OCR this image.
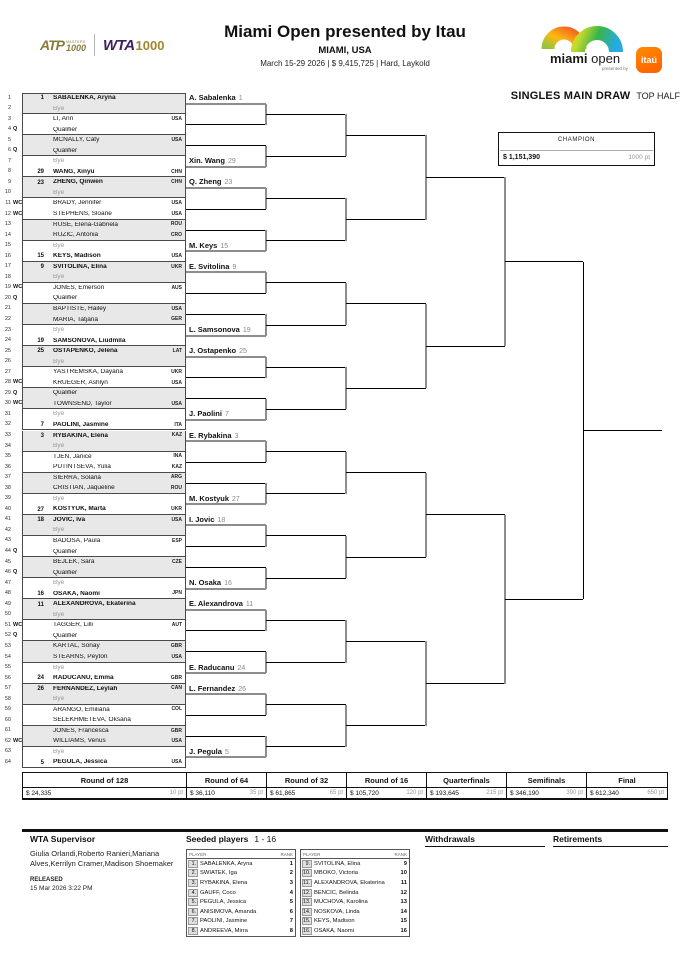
ATP MASTERS
1000 WTA 1000
Miami Open presented by Itau
MIAMI, USA
March 15-29 2026 | $ 9,415,725 | Hard, Laykold	miami open
presented by
itaú
SINGLES MAIN DRAW TOP HALF
CHAMPION
$ 1,151,390	1000 pt
1	1	SABALENKA, Aryna
2	Bye
3	LI, Ann	USA
4 Q	Qualifier
5	MCNALLY, Caty	USA
6 Q	Qualifier
7	Bye
8	29	WANG, Xinyu	CHN
9	23	ZHENG, Qinwen	CHN
10	Bye
11 WC	BRADY, Jennifer	USA
12 WC	STEPHENS, Sloane	USA
13	RUSE, Elena-Gabriela	ROU
14	RUZIC, Antonia	CRO
15	Bye
16	15	KEYS, Madison	USA
17	9	SVITOLINA, Elina	UKR
18	Bye
19 WC	JONES, Emerson	AUS
20 Q	Qualifier
21	BAPTISTE, Hailey	USA
22	MARIA, Tatjana	GER
23	Bye
24	19	SAMSONOVA, Liudmila
25	25	OSTAPENKO, Jelena	LAT
26	Bye
27	YASTREMSKA, Dayana	UKR
28 WC	KRUEGER, Ashlyn	USA
29 Q	Qualifier
30 WC	TOWNSEND, Taylor	USA
31	Bye
32	7	PAOLINI, Jasmine	ITA
33	3	RYBAKINA, Elena	KAZ
34	Bye
35	TJEN, Janice	INA
36	PUTINTSEVA, Yulia	KAZ
37	SIERRA, Solana	ARG
38	CRISTIAN, Jaqueline	ROU
39	Bye
40	27	KOSTYUK, Marta	UKR
41	18	JOVIC, Iva	USA
42	Bye
43	BADOSA, Paula	ESP
44 Q	Qualifier
45	BEJLEK, Sara	CZE
46 Q	Qualifier
47	Bye
48	16	OSAKA, Naomi	JPN
49	11	ALEXANDROVA, Ekaterina
50	Bye
51 WC	TAGGER, Lilli	AUT
52 Q	Qualifier
53	KARTAL, Sonay	GBR
54	STEARNS, Peyton	USA
55	Bye
56	24	RADUCANU, Emma	GBR
57	26	FERNANDEZ, Leylah	CAN
58	Bye
59	ARANGO, Emiliana	COL
60	SELEKHMETEVA, Oksana
61	JONES, Francesca	GBR
62 WC	WILLIAMS, Venus	USA
63	Bye
64	5	PEGULA, Jessica	USA
A. Sabalenka 1
Xin. Wang 29
Q. Zheng 23
M. Keys 15
E. Svitolina 9
L. Samsonova 19
J. Ostapenko 25
J. Paolini 7
E. Rybakina 3
M. Kostyuk 27
I. Jovic 18
N. Osaka 16
E. Alexandrova 11
E. Raducanu 24
L. Fernandez 26
J. Pegula 5
Round of 128
$ 24,335	10 pt
Round of 64
$ 36,110	35 pt
Round of 32
$ 61,865	65 pt
Round of 16
$ 105,720	120 pt
Quarterfinals
$ 193,645	215 pt
Semifinals
$ 346,190	390 pt
Final
$ 612,340	650 pt
WTA Supervisor
Giulia Orlandi,Roberto Ranieri,Mariana Alves,Kerrilyn Cramer,Madison Shoemaker
RELEASED
15 Mar 2026 3:22 PM
Seeded players 1 - 16
PLAYER	RANK
1. SABALENKA, Aryna	1
2. SWIATEK, Iga	2
3. RYBAKINA, Elena	3
4. GAUFF, Coco	4
5. PEGULA, Jessica	5
6. ANISIMOVA, Amanda	6
7. PAOLINI, Jasmine	7
8. ANDREEVA, Mirra	8
PLAYER	RANK
9. SVITOLINA, Elina	9
10. MBOKO, Victoria	10
11. ALEXANDROVA, Ekaterina	11
12. BENCIC, Belinda	12
13. MUCHOVA, Karolina	13
14. NOSKOVA, Linda	14
15. KEYS, Madison	15
16. OSAKA, Naomi	16
Withdrawals	Retirements
